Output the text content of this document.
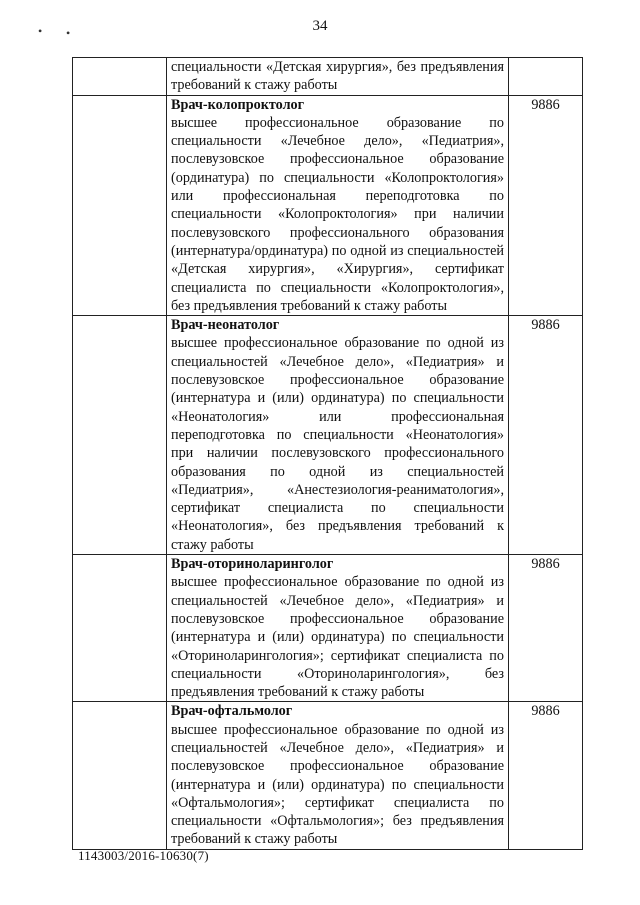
34
• •
	специальности «Детская хирургия», без предъявления требований к стажу работы	

	Врач-колопроктолог
высшее профессиональное образование по специальности «Лечебное дело», «Педиатрия», послевузовское профессиональное образование (ординатура) по специальности «Колопроктология» или профессиональная переподготовка по специальности «Колопроктология» при наличии послевузовского профессионального образования (интернатура/ординатура) по одной из специальностей «Детская хирургия», «Хирургия», сертификат специалиста по специальности «Колопроктология», без предъявления требований к стажу работы	9886

	Врач-неонатолог
высшее профессиональное образование по одной из специальностей «Лечебное дело», «Педиатрия» и послевузовское профессиональное образование (интернатура и (или) ординатура) по специальности «Неонатология» или профессиональная переподготовка по специальности «Неонатология» при наличии послевузовского профессионального образования по одной из специальностей «Педиатрия», «Анестезиология-реаниматология», сертификат специалиста по специальности «Неонатология», без предъявления требований к стажу работы	9886

	Врач-оториноларинголог
высшее профессиональное образование по одной из специальностей «Лечебное дело», «Педиатрия» и послевузовское профессиональное образование (интернатура и (или) ординатура) по специальности «Оториноларингология»; сертификат специалиста по специальности «Оториноларингология», без предъявления требований к стажу работы	9886

	Врач-офтальмолог
высшее профессиональное образование по одной из специальностей «Лечебное дело», «Педиатрия» и послевузовское профессиональное образование (интернатура и (или) ординатура) по специальности «Офтальмология»; сертификат специалиста по специальности «Офтальмология»; без предъявления требований к стажу работы	9886
1143003/2016-10630(7)
